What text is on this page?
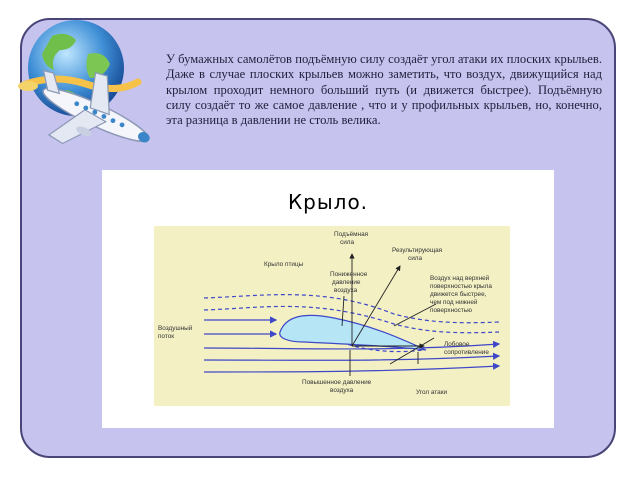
У бумажных самолётов подъёмную силу создаёт угол атаки их плоских крыльев. Даже в случае плоских крыльев можно заметить, что воздух, движущийся над крылом проходит немного больший путь (и движется быстрее). Подъёмную силу создаёт то же самое давление , что и у профильных крыльев, но, конечно, эта разница в давлении не столь велика.

Крыло.
Подъёмная
сила
Результирующая
сила
Крыло птицы
Пониженное
давление
воздуха
Воздух над верхней
поверхностью крыла
движется быстрее,
чем под нижней
поверхностью
Воздушный
поток
Лобовое
сопротивление
Повышенное давление
воздуха	Угол атаки
